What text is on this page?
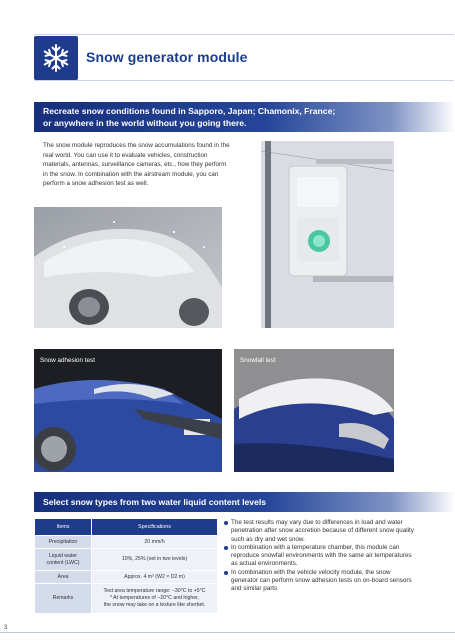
Snow generator module
Recreate snow conditions found in Sapporo, Japan; Chamonix, France;
or anywhere in the world without you going there.
The snow module reproduces the snow accumulations found in the real world. You can use it to evaluate vehicles, construction materials, antennas, surveillance cameras, etc., how they perform in the snow. In combination with the airstream module, you can perform a snow adhesion test as well.
Snow adhesion test	Snowfall test
Select snow types from two water liquid content levels
Items	Specifications
Precipitation	20 mm/h

Liquid water
content (LWC)	10%, 25% (set in two levels)
Area	Approx. 4 m² (W2 × D2 m)
Remarks	Test area temperature range: −30°C to +5°C
* At temperatures of −20°C and higher,
the snow may take on a texture like sherbet.
The test results may vary due to differences in load and water penetration after snow accretion because of different snow quality such as dry and wet snow.
In combination with a temperature chamber, this module can reproduce snowfall environments with the same air temperatures as actual environments.
In combination with the vehicle velocity module, the snow generator can perform snow adhesion tests on on-board sensors and similar parts
3
